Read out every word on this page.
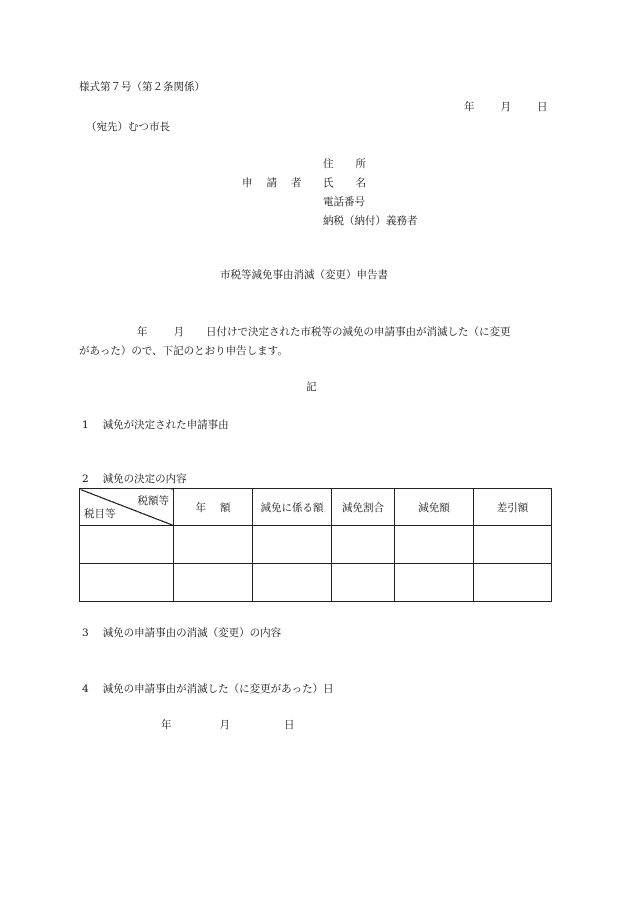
様式第７号（第２条関係）
年 月 日
（宛先）むつ市長
申 請 者
住 所
氏 名
電話番号
納税（納付）義務者
市税等減免事由消滅（変更）申告書
年 月 日付けで決定された市税等の減免の申請事由が消滅した（に変更
があった）ので、下記のとおり申告します。
記
1 減免が決定された申請事由
2 減免の決定の内容
税額等
税目等	年 額	減免に係る額	減免割合	減免額	差引額

3 減免の申請事由の消滅（変更）の内容
4 減免の申請事由が消滅した（に変更があった）日
年	月	日
